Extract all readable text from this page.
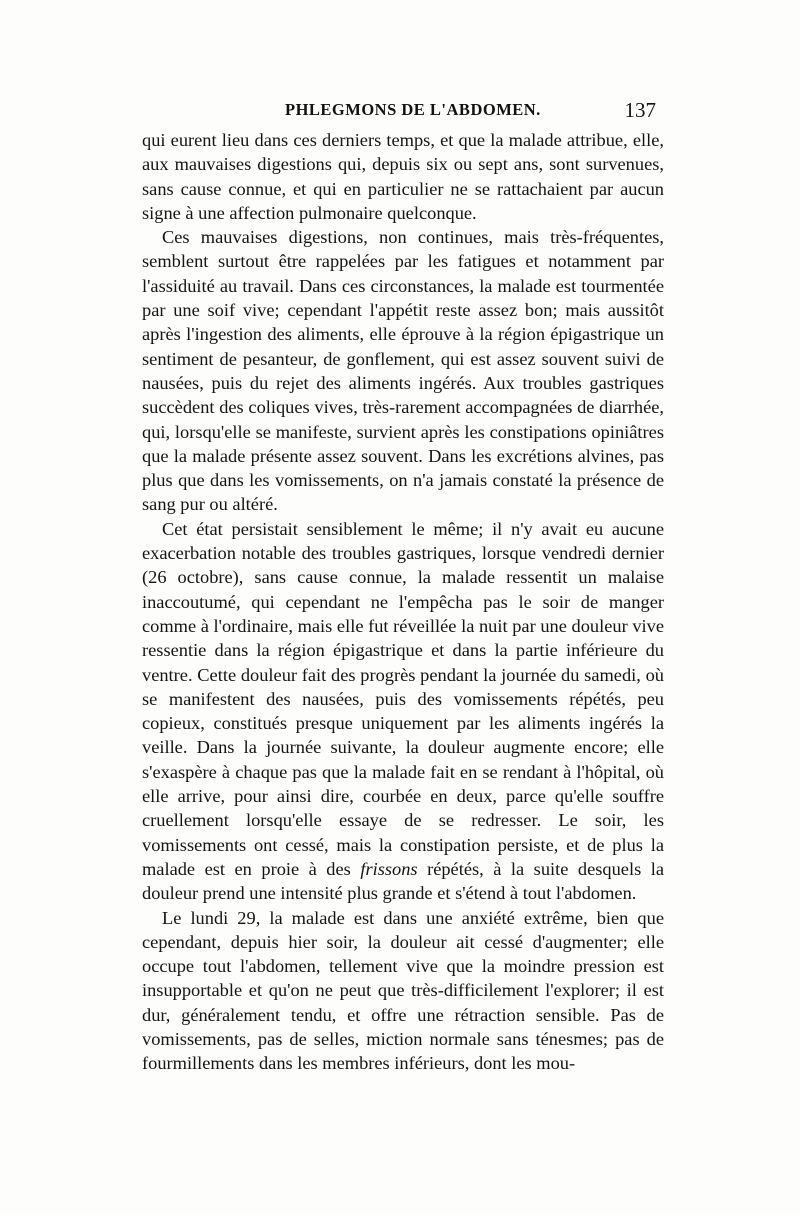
PHLEGMONS DE L'ABDOMEN.	137

qui eurent lieu dans ces derniers temps, et que la malade attribue, elle, aux mauvaises digestions qui, depuis six ou sept ans, sont survenues, sans cause connue, et qui en particulier ne se rattachaient par aucun signe à une affection pulmonaire quelconque.

Ces mauvaises digestions, non continues, mais très-fréquentes, semblent surtout être rappelées par les fatigues et notamment par l'assiduité au travail. Dans ces circonstances, la malade est tourmentée par une soif vive; cependant l'appétit reste assez bon; mais aussitôt après l'ingestion des aliments, elle éprouve à la région épigastrique un sentiment de pesanteur, de gonflement, qui est assez souvent suivi de nausées, puis du rejet des aliments ingérés. Aux troubles gastriques succèdent des coliques vives, très-rarement accompagnées de diarrhée, qui, lorsqu'elle se manifeste, survient après les constipations opiniâtres que la malade présente assez souvent. Dans les excrétions alvines, pas plus que dans les vomissements, on n'a jamais constaté la présence de sang pur ou altéré.

Cet état persistait sensiblement le même; il n'y avait eu aucune exacerbation notable des troubles gastriques, lorsque vendredi dernier (26 octobre), sans cause connue, la malade ressentit un malaise inaccoutumé, qui cependant ne l'empêcha pas le soir de manger comme à l'ordinaire, mais elle fut réveillée la nuit par une douleur vive ressentie dans la région épigastrique et dans la partie inférieure du ventre. Cette douleur fait des progrès pendant la journée du samedi, où se manifestent des nausées, puis des vomissements répétés, peu copieux, constitués presque uniquement par les aliments ingérés la veille. Dans la journée suivante, la douleur augmente encore; elle s'exaspère à chaque pas que la malade fait en se rendant à l'hôpital, où elle arrive, pour ainsi dire, courbée en deux, parce qu'elle souffre cruellement lorsqu'elle essaye de se redresser. Le soir, les vomissements ont cessé, mais la constipation persiste, et de plus la malade est en proie à des frissons répétés, à la suite desquels la douleur prend une intensité plus grande et s'étend à tout l'abdomen.

Le lundi 29, la malade est dans une anxiété extrême, bien que cependant, depuis hier soir, la douleur ait cessé d'augmenter; elle occupe tout l'abdomen, tellement vive que la moindre pression est insupportable et qu'on ne peut que très-difficilement l'explorer; il est dur, généralement tendu, et offre une rétraction sensible. Pas de vomissements, pas de selles, miction normale sans ténesmes; pas de fourmillements dans les membres inférieurs, dont les mou-
